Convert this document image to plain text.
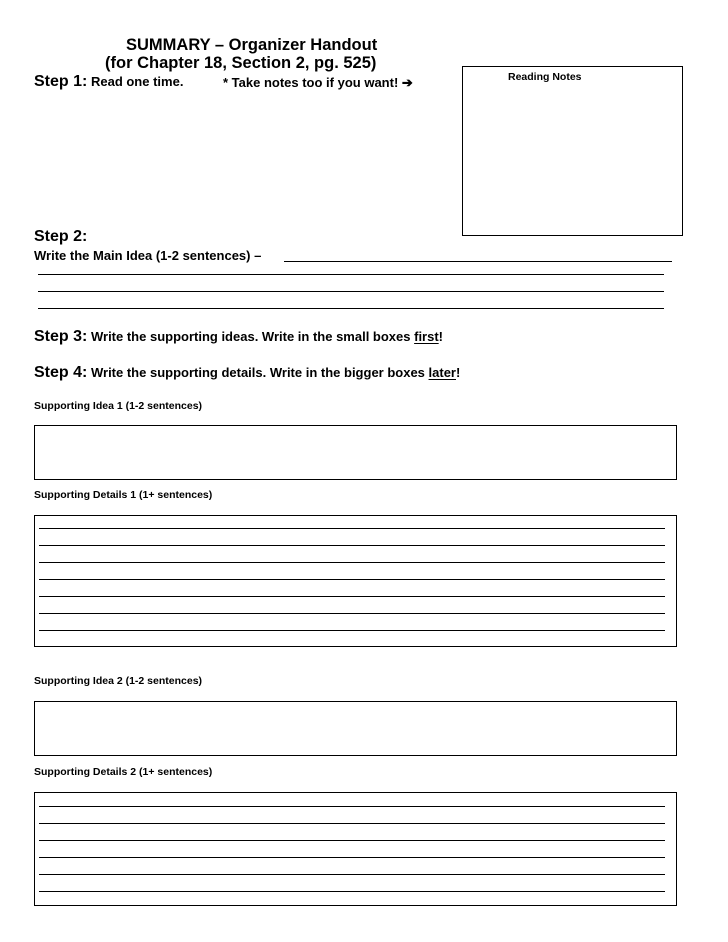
SUMMARY – Organizer Handout
(for Chapter 18, Section 2, pg. 525)
Step 1: Read one time.	* Take notes too if you want! ➔	Reading Notes
Step 2:
Write the Main Idea (1-2 sentences) –
Step 3: Write the supporting ideas. Write in the small boxes first!
Step 4: Write the supporting details. Write in the bigger boxes later!
Supporting Idea 1 (1-2 sentences)
Supporting Details 1 (1+ sentences)
Supporting Idea 2 (1-2 sentences)
Supporting Details 2 (1+ sentences)
